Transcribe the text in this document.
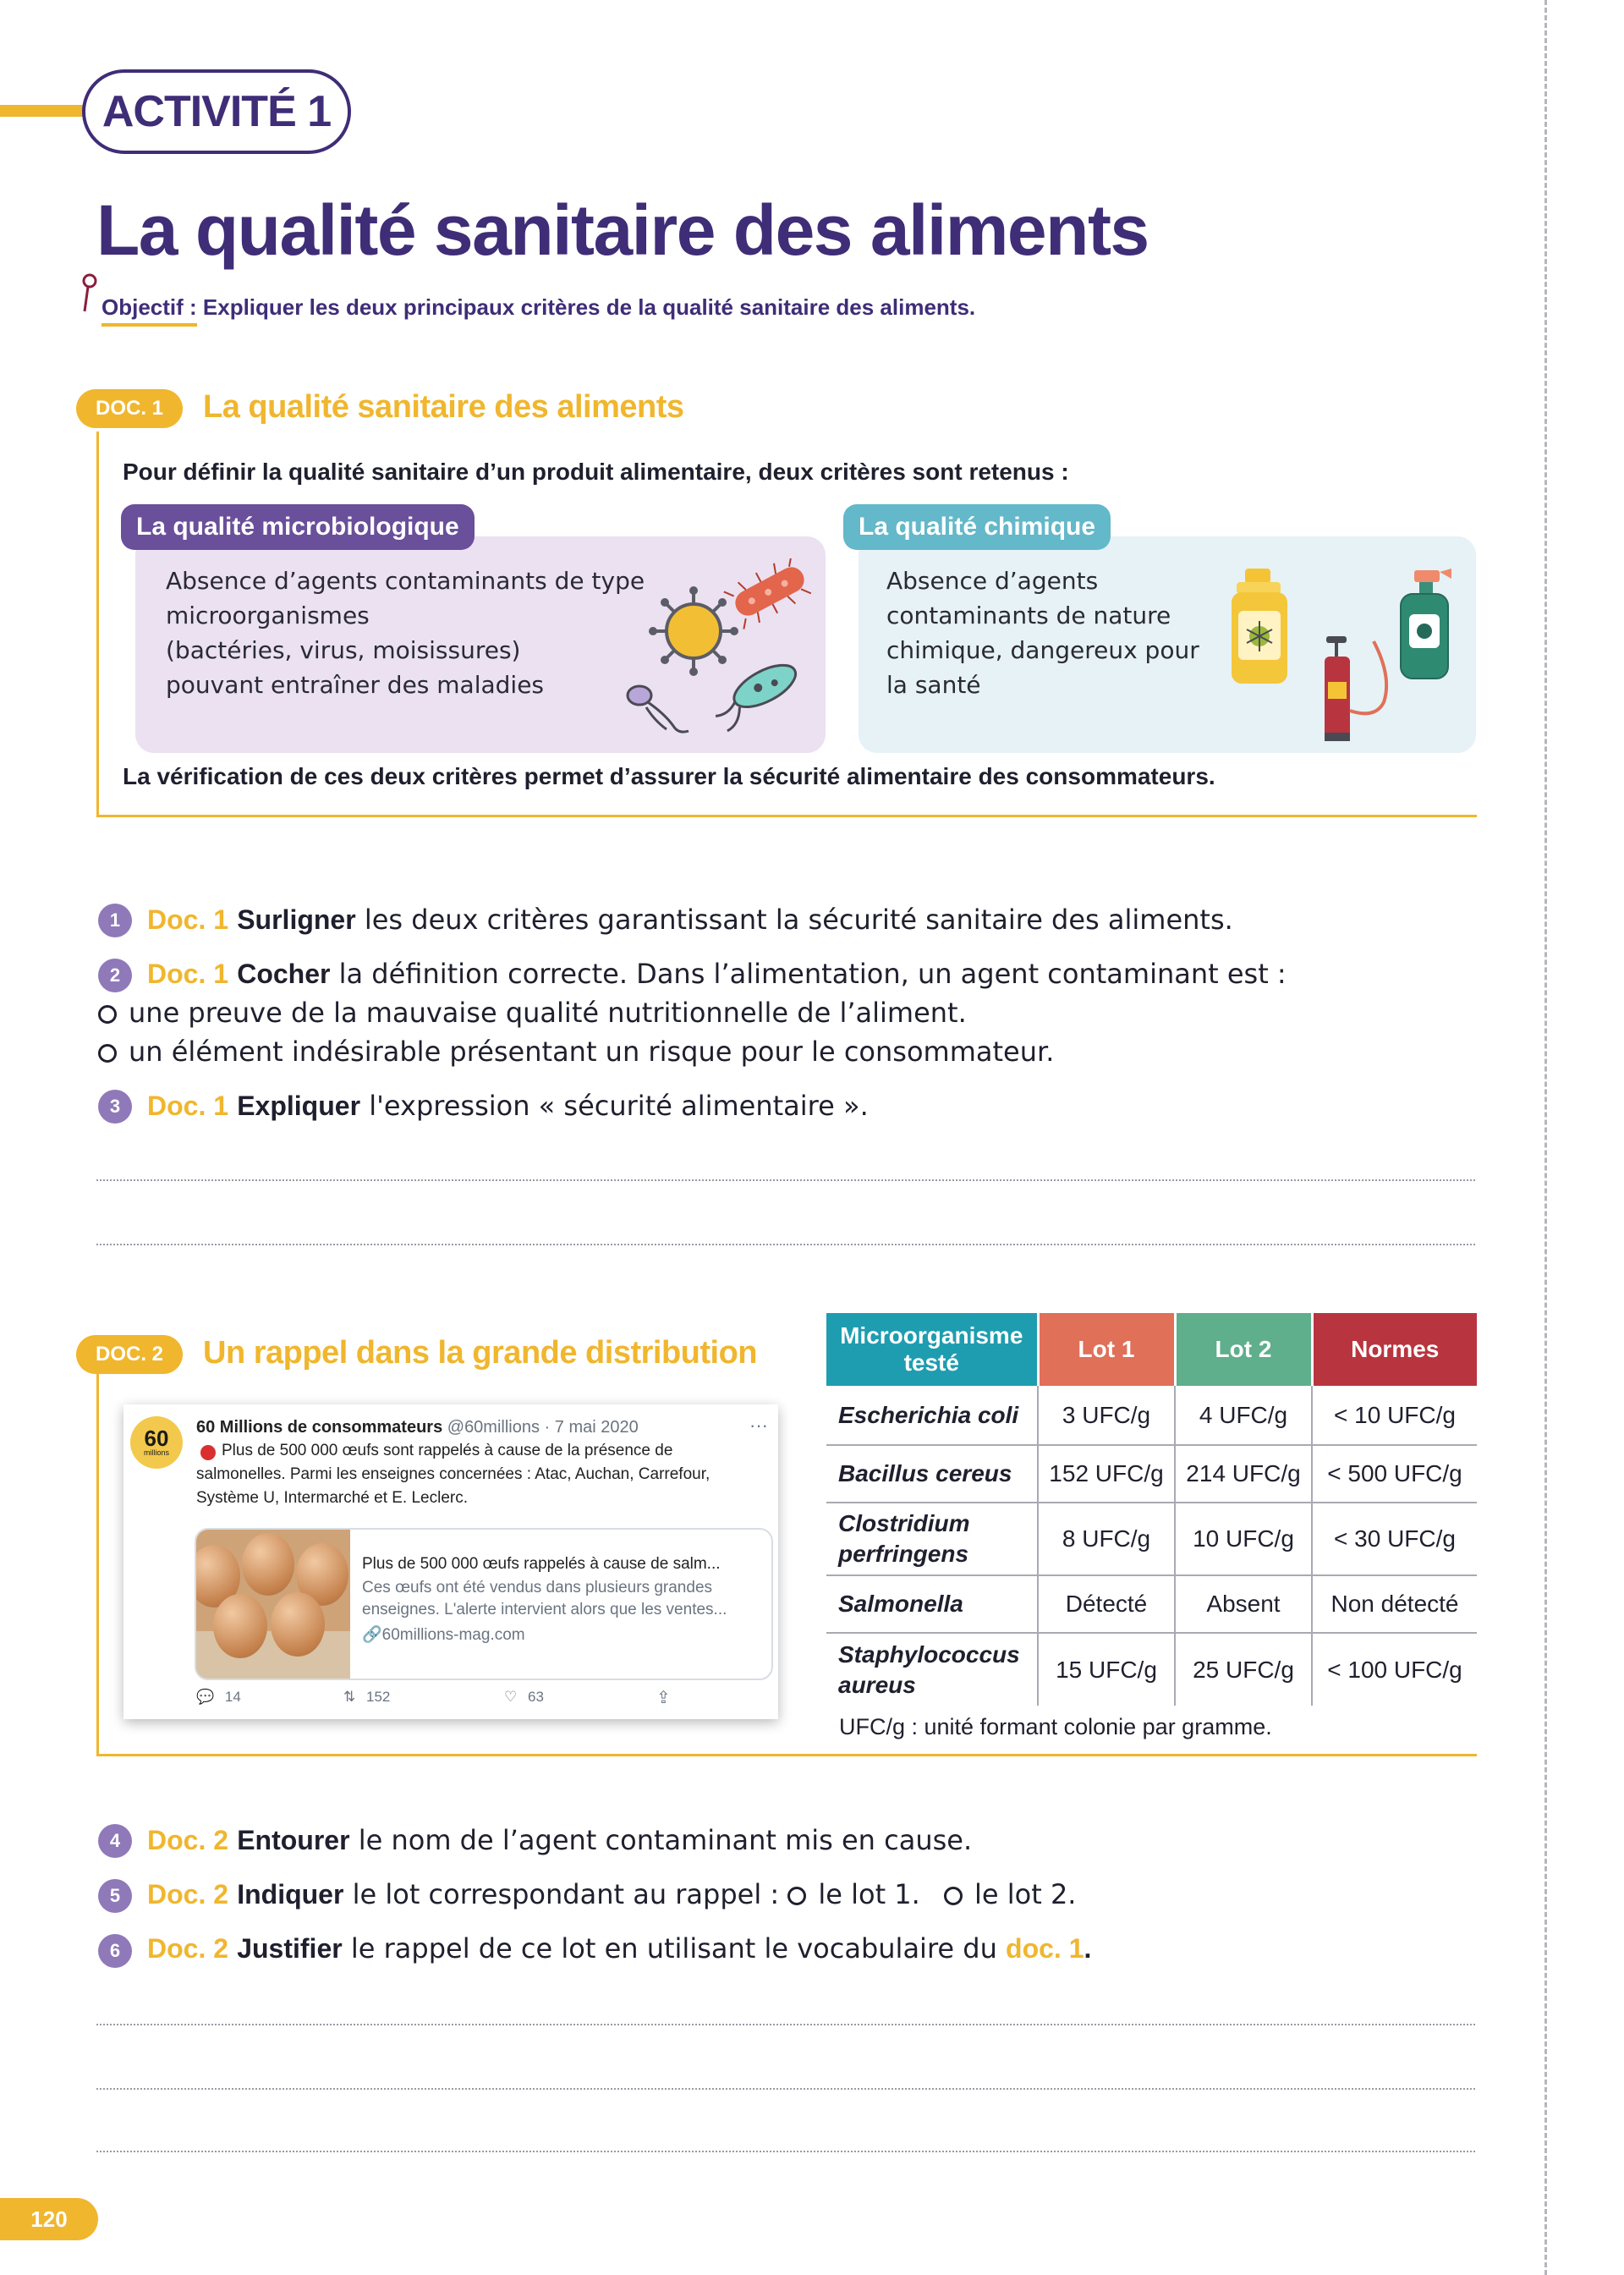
ACTIVITÉ 1
La qualité sanitaire des aliments
Objectif : Expliquer les deux principaux critères de la qualité sanitaire des aliments.
DOC. 1	La qualité sanitaire des aliments
Pour définir la qualité sanitaire d’un produit alimentaire, deux critères sont retenus :
La qualité microbiologique
Absence d’agents contaminants de type
microorganismes
(bactéries, virus, moisissures)
pouvant entraîner des maladies
La qualité chimique
Absence d’agents
contaminants de nature
chimique, dangereux pour
la santé
La vérification de ces deux critères permet d’assurer la sécurité alimentaire des consommateurs.
1 Doc. 1 Surligner les deux critères garantissant la sécurité sanitaire des aliments.
2 Doc. 1 Cocher la définition correcte. Dans l’alimentation, un agent contaminant est :
une preuve de la mauvaise qualité nutritionnelle de l’aliment.
un élément indésirable présentant un risque pour le consommateur.
3 Doc. 1 Expliquer l'expression « sécurité alimentaire ».
DOC. 2	Un rappel dans la grande distribution
60
millions
60 Millions de consommateurs @60millions · 7 mai 2020	···
Plus de 500 000 œufs sont rappelés à cause de la présence de
salmonelles. Parmi les enseignes concernées : Atac, Auchan, Carrefour,
Système U, Intermarché et E. Leclerc.
Plus de 500 000 œufs rappelés à cause de salm...
Ces œufs ont été vendus dans plusieurs grandes
enseignes. L'alerte intervient alors que les ventes...
🔗60millions-mag.com
💬 14	⇅ 152	♡ 63	⇪
Microorganisme testé	Lot 1	Lot 2	Normes
Escherichia coli	3 UFC/g	4 UFC/g	< 10 UFC/g
Bacillus cereus	152 UFC/g	214 UFC/g	< 500 UFC/g
Clostridium perfringens	8 UFC/g	10 UFC/g	< 30 UFC/g
Salmonella	Détecté	Absent	Non détecté
Staphylococcus aureus	15 UFC/g	25 UFC/g	< 100 UFC/g
UFC/g : unité formant colonie par gramme.
4 Doc. 2 Entourer le nom de l’agent contaminant mis en cause.
5 Doc. 2 Indiquer le lot correspondant au rappel : le lot 1. le lot 2.
6 Doc. 2 Justifier le rappel de ce lot en utilisant le vocabulaire du doc. 1.
120
